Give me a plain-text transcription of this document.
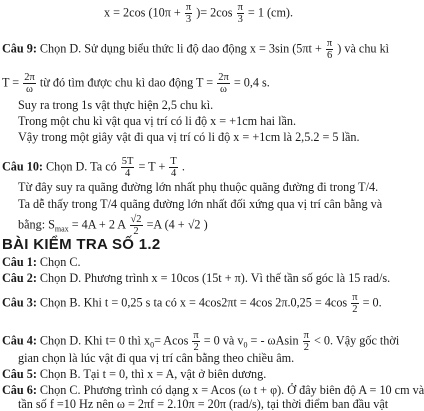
x = 2cos ($10\pi + \frac{\pi}{3}$ )= $2\cos \frac{\pi}{3} = 1$ (cm).
Câu 9: Chọn D. Sử dụng biểu thức li độ dao động x = 3sin ($5\pi t + \frac{\pi}{6}$ ) và chu kì
$T = \frac{2\pi}{\omega}$ từ đó tìm được chu kì dao động $T = \frac{2\pi}{\omega} = 0,4$ s.
Suy ra trong 1s vật thực hiện 2,5 chu kì.
Trong một chu kì vật qua vị trí có li độ x = +1cm hai lần.
Vậy trong một giây vật đi qua vị trí có li độ x = +1cm là 2,5.2 = 5 lần.
Câu 10: Chọn D. Ta có $\frac{5T}{4} = T + \frac{T}{4}$ .
Từ đây suy ra quãng đường lớn nhất phụ thuộc quãng đường đi trong T/4.
Ta dễ thấy trong T/4 quãng đường lớn nhất đối xứng qua vị trí cân bằng và
bằng: $S_{max} = 4A + 2$ A $\frac{√2}{2} =A$ (4 + √2 )
BÀI KIỂM TRA SỐ 1.2
Câu 1: Chọn C.
Câu 2: Chọn D. Phương trình x = 10cos (15t + π). Vì thế tần số góc là 15 rad/s.
Câu 3: Chọn B. Khi t = 0,25 s ta có x = 4cos2πt = 4cos $2\pi.0,25 = 4\cos \frac{\pi}{2} = 0$.
Câu 4: Chọn D. Khi t= 0 thì $x_0= Acos \frac{\pi}{2} = 0$ và $v_0$ = - ωAsin $\frac{\pi}{2} < 0$. Vậy gốc thời
gian chọn là lúc vật đi qua vị trí cân bằng theo chiều âm.
Câu 5: Chọn B. Tại t = 0, thì x = A, vật ở biên dương.
Câu 6: Chọn C. Phương trình có dạng x = Acos (ω t + φ). Ở đây biên độ A = 10 cm và
tần số f =10 Hz nên ω = 2πf = 2.10π = 20π (rad/s), tại thời điểm ban đầu vật
